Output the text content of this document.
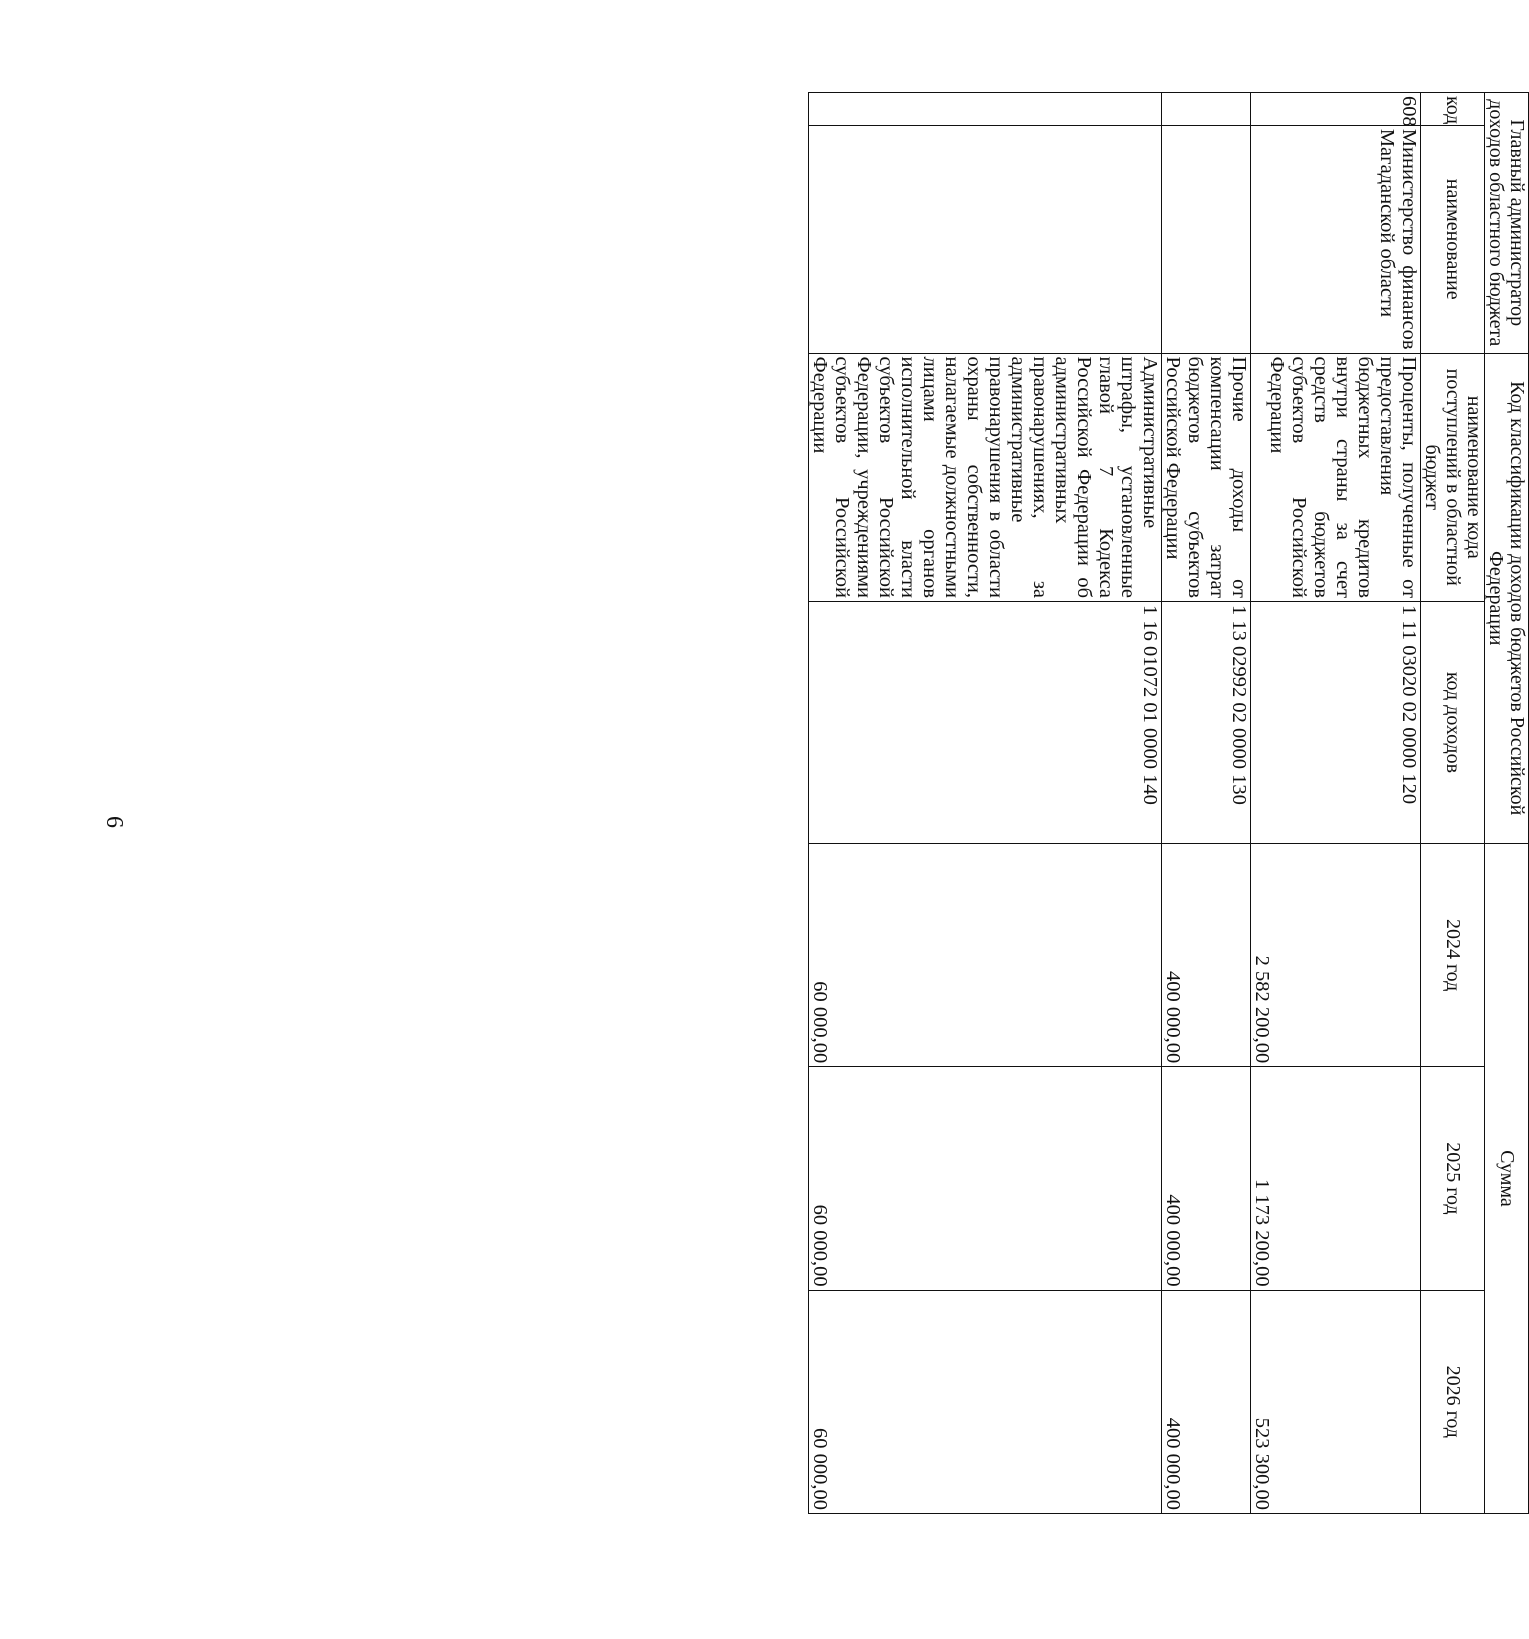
6
Главный администратор доходов областного бюджета		Код классификации доходов бюджетов Российской Федерации		Сумма		
код	наименование	наименование кода поступлений в областной бюджет	код доходов	2024 год	2025 год	2026 год
608	Министерство финансов Магаданской области	Проценты, полученные от предоставления бюджетных кредитов внутри страны за счет средств бюджетов субъектов Российской Федерации	1 11 03020 02 0000 120	2 582 200,00	1 173 200,00	523 300,00
		Прочие доходы от компенсации затрат бюджетов субъектов Российской Федерации	1 13 02992 02 0000 130	400 000,00	400 000,00	400 000,00
		Административные штрафы, установленные главой 7 Кодекса Российской Федерации об административных правонарушениях, за административные правонарушения в области охраны собственности, налагаемые должностными лицами органов исполнительной власти субъектов Российской Федерации, учреждениями субъектов Российской Федерации	1 16 01072 01 0000 140	60 000,00	60 000,00	60 000,00
